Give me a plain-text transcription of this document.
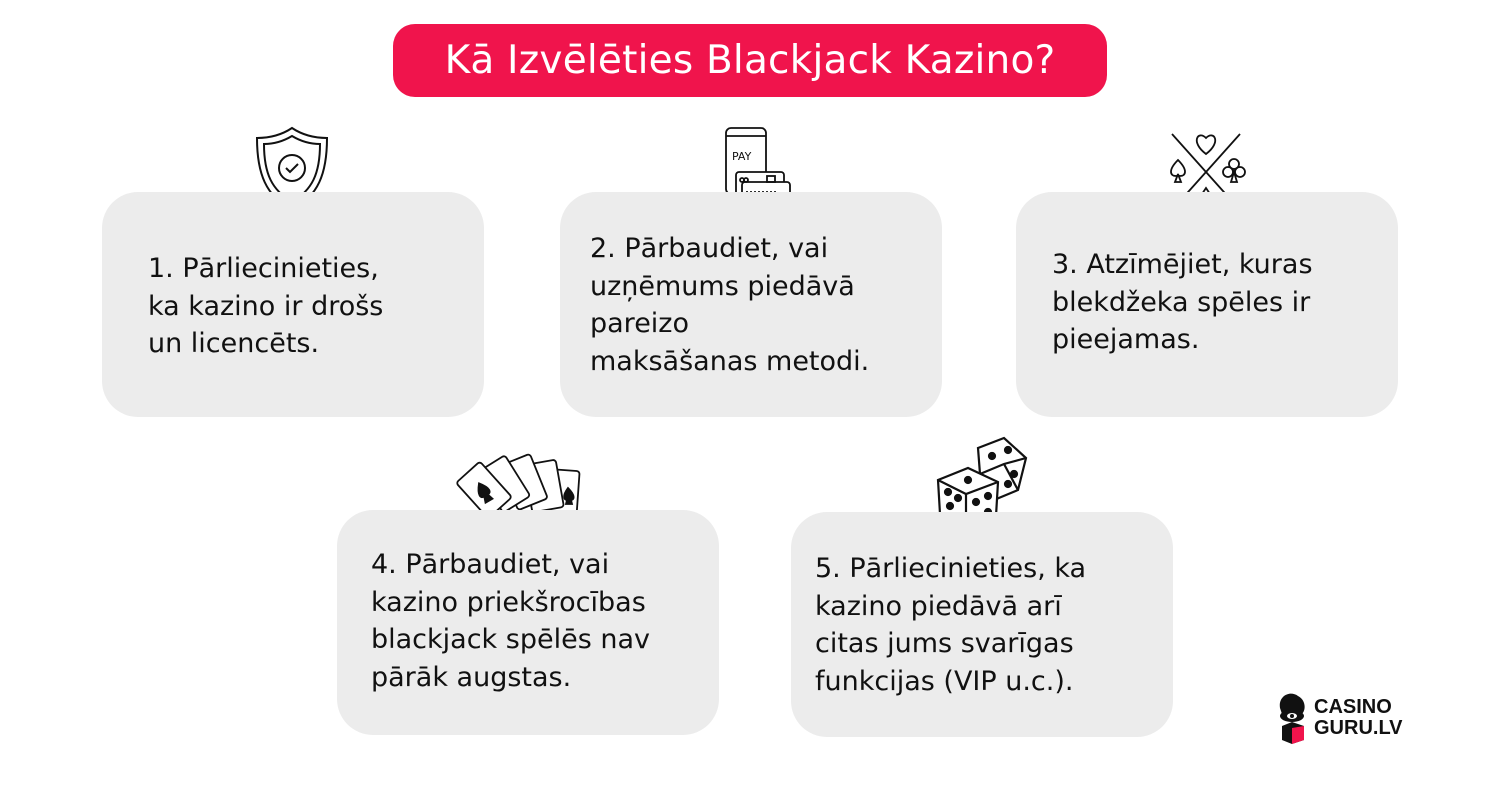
Kā Izvēlēties Blackjack Kazino?
PAY
1. Pārliecinieties,
ka kazino ir drošs
un licencēts.
2. Pārbaudiet, vai
uzņēmums piedāvā
pareizo
maksāšanas metodi.
3. Atzīmējiet, kuras
blekdžeka spēles ir
pieejamas.
4. Pārbaudiet, vai
kazino priekšrocības
blackjack spēlēs nav
pārāk augstas.
5. Pārliecinieties, ka
kazino piedāvā arī
citas jums svarīgas
funkcijas (VIP u.c.).
CASINO
GURU.LV
